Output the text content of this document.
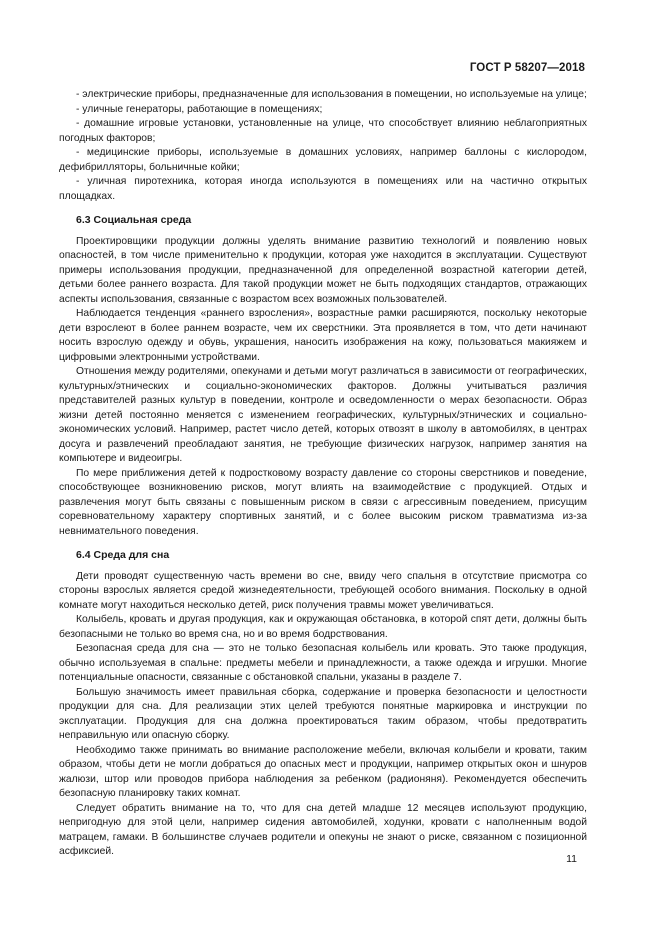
ГОСТ Р 58207—2018

- электрические приборы, предназначенные для использования в помещении, но используемые на улице;

- уличные генераторы, работающие в помещениях;

- домашние игровые установки, установленные на улице, что способствует влиянию неблагоприятных погодных факторов;

- медицинские приборы, используемые в домашних условиях, например баллоны с кислородом, дефибрилляторы, больничные койки;

- уличная пиротехника, которая иногда используются в помещениях или на частично открытых площадках.

6.3 Социальная среда

Проектировщики продукции должны уделять внимание развитию технологий и появлению новых опасностей, в том числе применительно к продукции, которая уже находится в эксплуатации. Существуют примеры использования продукции, предназначенной для определенной возрастной категории детей, детьми более раннего возраста. Для такой продукции может не быть подходящих стандартов, отражающих аспекты использования, связанные с возрастом всех возможных пользователей.

Наблюдается тенденция «раннего взросления», возрастные рамки расширяются, поскольку некоторые дети взрослеют в более раннем возрасте, чем их сверстники. Эта проявляется в том, что дети начинают носить взрослую одежду и обувь, украшения, наносить изображения на кожу, пользоваться макияжем и цифровыми электронными устройствами.

Отношения между родителями, опекунами и детьми могут различаться в зависимости от географических, культурных/этнических и социально-экономических факторов. Должны учитываться различия представителей разных культур в поведении, контроле и осведомленности о мерах безопасности. Образ жизни детей постоянно меняется с изменением географических, культурных/этнических и социально-экономических условий. Например, растет число детей, которых отвозят в школу в автомобилях, в центрах досуга и развлечений преобладают занятия, не требующие физических нагрузок, например занятия на компьютере и видеоигры.

По мере приближения детей к подростковому возрасту давление со стороны сверстников и поведение, способствующее возникновению рисков, могут влиять на взаимодействие с продукцией. Отдых и развлечения могут быть связаны с повышенным риском в связи с агрессивным поведением, присущим соревновательному характеру спортивных занятий, и с более высоким риском травматизма из-за невнимательного поведения.

6.4 Среда для сна

Дети проводят существенную часть времени во сне, ввиду чего спальня в отсутствие присмотра со стороны взрослых является средой жизнедеятельности, требующей особого внимания. Поскольку в одной комнате могут находиться несколько детей, риск получения травмы может увеличиваться.

Колыбель, кровать и другая продукция, как и окружающая обстановка, в которой спят дети, должны быть безопасными не только во время сна, но и во время бодрствования.

Безопасная среда для сна — это не только безопасная колыбель или кровать. Это также продукция, обычно используемая в спальне: предметы мебели и принадлежности, а также одежда и игрушки. Многие потенциальные опасности, связанные с обстановкой спальни, указаны в разделе 7.

Большую значимость имеет правильная сборка, содержание и проверка безопасности и целостности продукции для сна. Для реализации этих целей требуются понятные маркировка и инструкции по эксплуатации. Продукция для сна должна проектироваться таким образом, чтобы предотвратить неправильную или опасную сборку.

Необходимо также принимать во внимание расположение мебели, включая колыбели и кровати, таким образом, чтобы дети не могли добраться до опасных мест и продукции, например открытых окон и шнуров жалюзи, штор или проводов прибора наблюдения за ребенком (радионяня). Рекомендуется обеспечить безопасную планировку таких комнат.

Следует обратить внимание на то, что для сна детей младше 12 месяцев используют продукцию, непригодную для этой цели, например сидения автомобилей, ходунки, кровати с наполненным водой матрацем, гамаки. В большинстве случаев родители и опекуны не знают о риске, связанном с позиционной асфиксией.

11
